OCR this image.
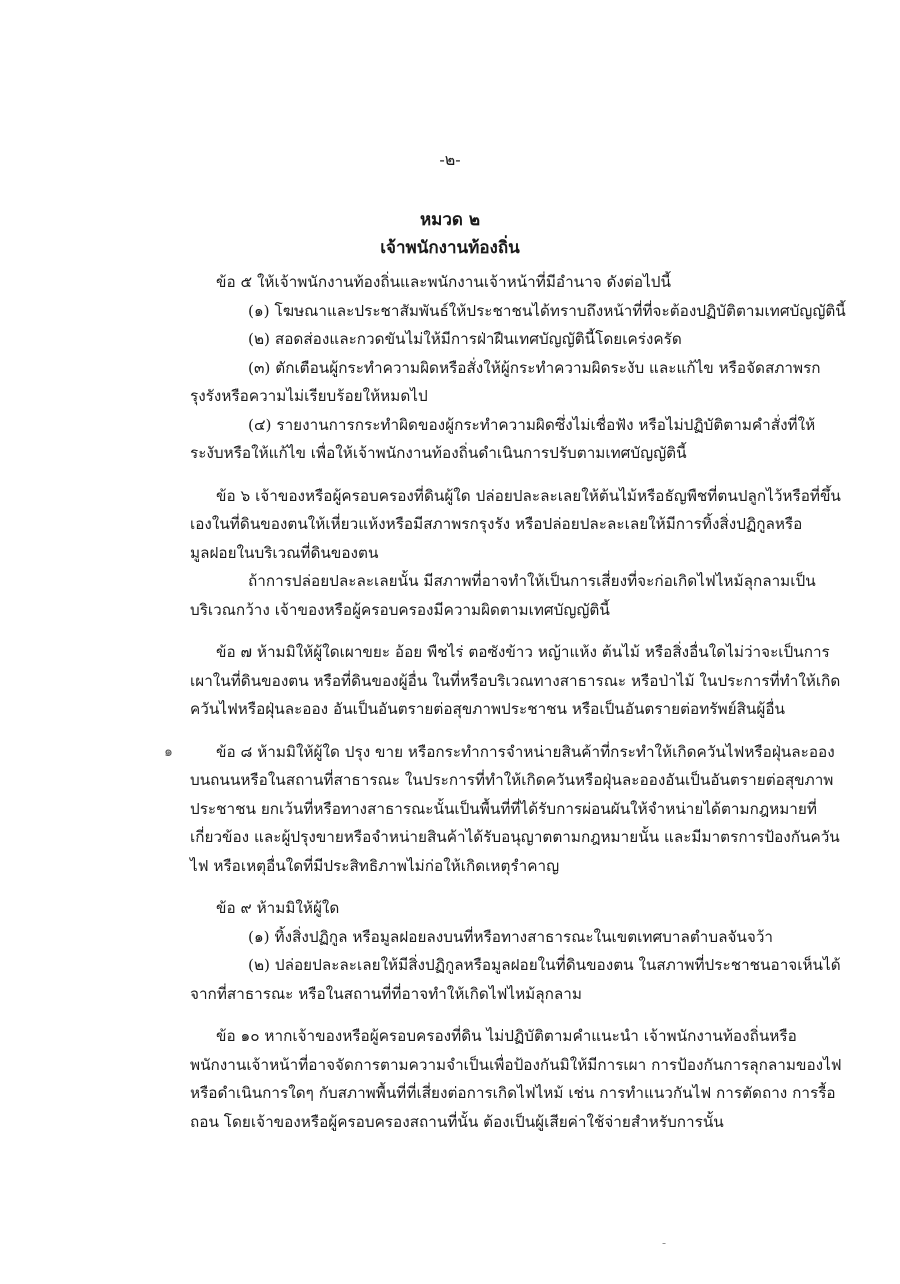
-๒-
หมวด ๒
เจ้าพนักงานท้องถิ่น

ข้อ ๕ ให้เจ้าพนักงานท้องถิ่นและพนักงานเจ้าหน้าที่มีอำนาจ ดังต่อไปนี้

(๑) โฆษณาและประชาสัมพันธ์ให้ประชาชนได้ทราบถึงหน้าที่ที่จะต้องปฏิบัติตามเทศบัญญัตินี้

(๒) สอดส่องและกวดขันไม่ให้มีการฝ่าฝืนเทศบัญญัตินี้โดยเคร่งครัด

(๓) ตักเตือนผู้กระทำความผิดหรือสั่งให้ผู้กระทำความผิดระงับ และแก้ไข หรือจัดสภาพรกรุงรังหรือความไม่เรียบร้อยให้หมดไป

(๔) รายงานการกระทำผิดของผู้กระทำความผิดซึ่งไม่เชื่อฟัง หรือไม่ปฏิบัติตามคำสั่งที่ให้ระงับหรือให้แก้ไข เพื่อให้เจ้าพนักงานท้องถิ่นดำเนินการปรับตามเทศบัญญัตินี้

ข้อ ๖ เจ้าของหรือผู้ครอบครองที่ดินผู้ใด ปล่อยปละละเลยให้ต้นไม้หรือธัญพืชที่ตนปลูกไว้หรือที่ขึ้นเองในที่ดินของตนให้เหี่ยวแห้งหรือมีสภาพรกรุงรัง หรือปล่อยปละละเลยให้มีการทิ้งสิ่งปฏิกูลหรือมูลฝอยในบริเวณที่ดินของตน

ถ้าการปล่อยปละละเลยนั้น มีสภาพที่อาจทำให้เป็นการเสี่ยงที่จะก่อเกิดไฟไหม้ลุกลามเป็นบริเวณกว้าง เจ้าของหรือผู้ครอบครองมีความผิดตามเทศบัญญัตินี้

ข้อ ๗ ห้ามมิให้ผู้ใดเผาขยะ อ้อย พืชไร่ ตอซังข้าว หญ้าแห้ง ต้นไม้ หรือสิ่งอื่นใดไม่ว่าจะเป็นการเผาในที่ดินของตน หรือที่ดินของผู้อื่น ในที่หรือบริเวณทางสาธารณะ หรือป่าไม้ ในประการที่ทำให้เกิดควันไฟหรือฝุ่นละออง อันเป็นอันตรายต่อสุขภาพประชาชน หรือเป็นอันตรายต่อทรัพย์สินผู้อื่น

๑	ข้อ ๘ ห้ามมิให้ผู้ใด ปรุง ขาย หรือกระทำการจำหน่ายสินค้าที่กระทำให้เกิดควันไฟหรือฝุ่นละอองบนถนนหรือในสถานที่สาธารณะ ในประการที่ทำให้เกิดควันหรือฝุ่นละอองอันเป็นอันตรายต่อสุขภาพประชาชน ยกเว้นที่หรือทางสาธารณะนั้นเป็นพื้นที่ที่ได้รับการผ่อนผันให้จำหน่ายได้ตามกฎหมายที่เกี่ยวข้อง และผู้ปรุงขายหรือจำหน่ายสินค้าได้รับอนุญาตตามกฎหมายนั้น และมีมาตรการป้องกันควันไฟ หรือเหตุอื่นใดที่มีประสิทธิภาพไม่ก่อให้เกิดเหตุรำคาญ

ข้อ ๙ ห้ามมิให้ผู้ใด

(๑) ทิ้งสิ่งปฏิกูล หรือมูลฝอยลงบนที่หรือทางสาธารณะในเขตเทศบาลตำบลจันจว้า

(๒) ปล่อยปละละเลยให้มีสิ่งปฏิกูลหรือมูลฝอยในที่ดินของตน ในสภาพที่ประชาชนอาจเห็นได้จากที่สาธารณะ หรือในสถานที่ที่อาจทำให้เกิดไฟไหม้ลุกลาม

ข้อ ๑๐ หากเจ้าของหรือผู้ครอบครองที่ดิน ไม่ปฏิบัติตามคำแนะนำ เจ้าพนักงานท้องถิ่นหรือพนักงานเจ้าหน้าที่อาจจัดการตามความจำเป็นเพื่อป้องกันมิให้มีการเผา การป้องกันการลุกลามของไฟหรือดำเนินการใดๆ กับสภาพพื้นที่ที่เสี่ยงต่อการเกิดไฟไหม้ เช่น การทำแนวกันไฟ การตัดถาง การรื้อถอน โดยเจ้าของหรือผู้ครอบครองสถานที่นั้น ต้องเป็นผู้เสียค่าใช้จ่ายสำหรับการนั้น

-
